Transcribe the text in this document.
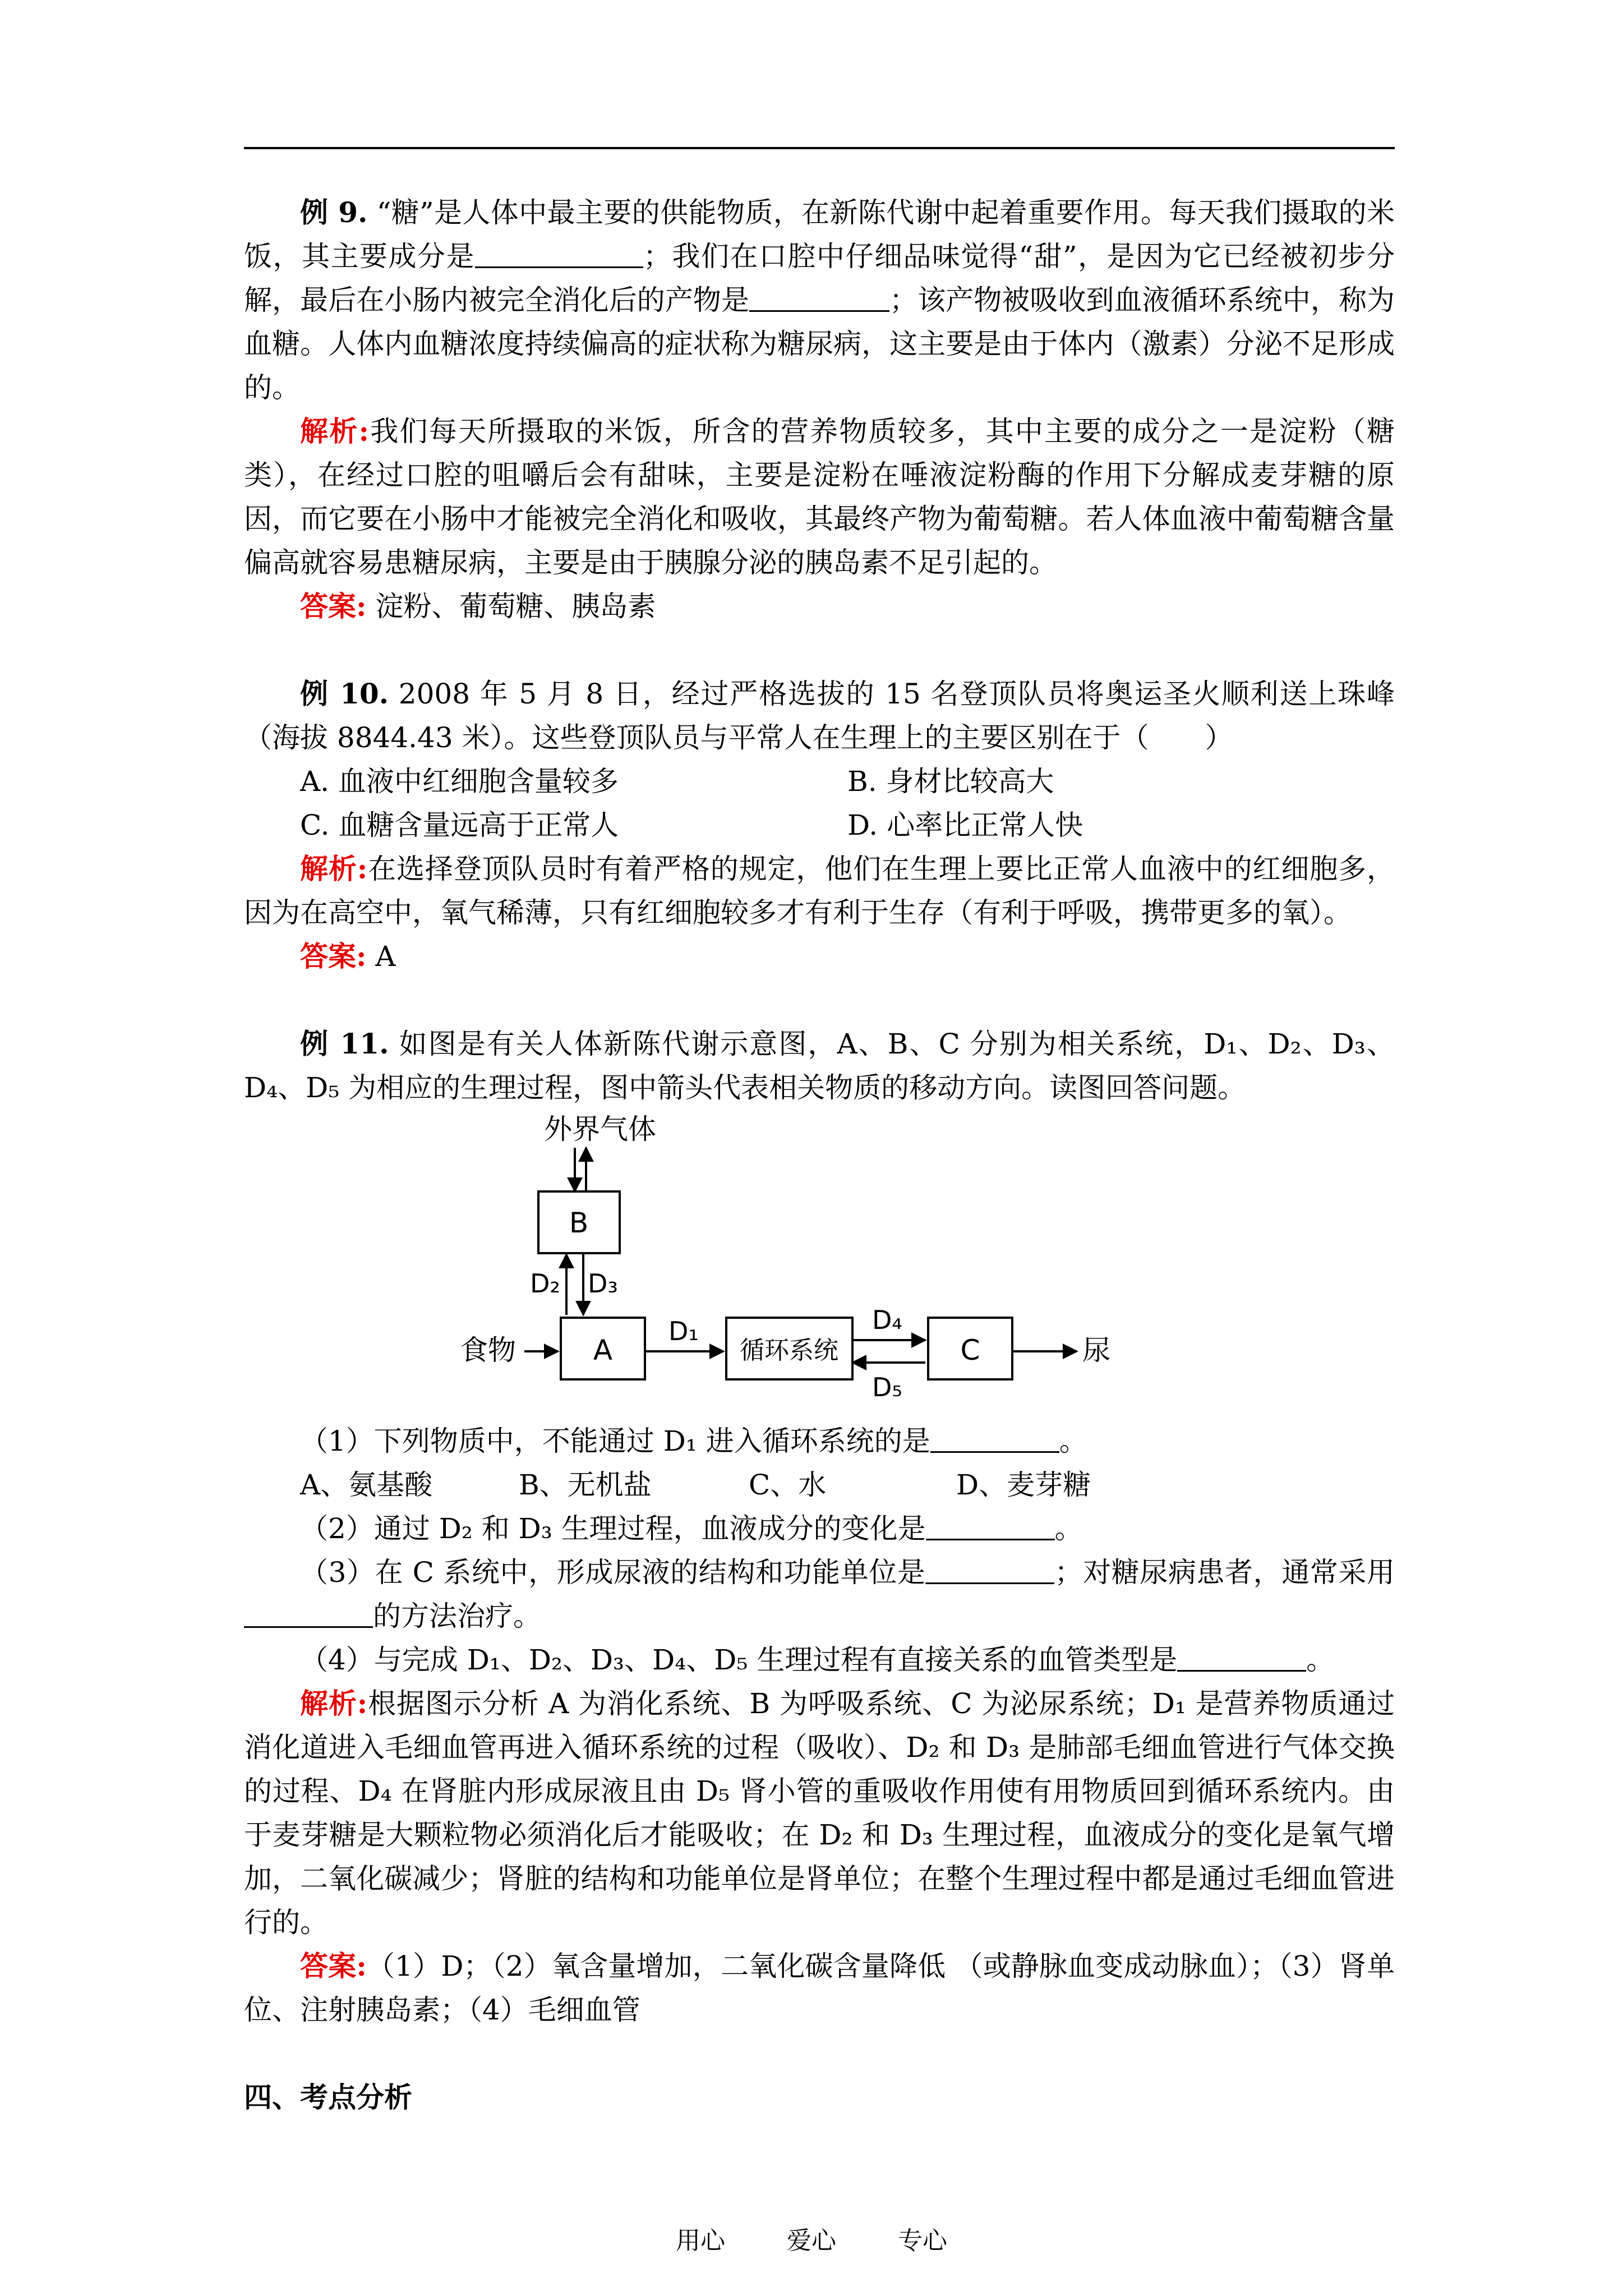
例 9. “糖”是人体中最主要的供能物质，在新陈代谢中起着重要作用。每天我们摄取的米饭，其主要成分是	；我们在口腔中仔细品味觉得“甜”，是因为它已经被初步分解，最后在小肠内被完全消化后的产物是	；该产物被吸收到血液循环系统中，称为血糖。人体内血糖浓度持续偏高的症状称为糖尿病，这主要是由于体内（激素）分泌不足形成的。

解析:我们每天所摄取的米饭，所含的营养物质较多，其中主要的成分之一是淀粉（糖类），在经过口腔的咀嚼后会有甜味，主要是淀粉在唾液淀粉酶的作用下分解成麦芽糖的原因，而它要在小肠中才能被完全消化和吸收，其最终产物为葡萄糖。若人体血液中葡萄糖含量偏高就容易患糖尿病，主要是由于胰腺分泌的胰岛素不足引起的。

答案: 淀粉、葡萄糖、胰岛素

例 10. 2008 年 5 月 8 日，经过严格选拔的 15 名登顶队员将奥运圣火顺利送上珠峰（海拔 8844.43 米）。这些登顶队员与平常人在生理上的主要区别在于（　　）

A. 血液中红细胞含量较多	B. 身材比较高大
C. 血糖含量远高于正常人	D. 心率比正常人快

解析:在选择登顶队员时有着严格的规定，他们在生理上要比正常人血液中的红细胞多，因为在高空中，氧气稀薄，只有红细胞较多才有利于生存（有利于呼吸，携带更多的氧）。

答案: A

例 11. 如图是有关人体新陈代谢示意图，A、B、C 分别为相关系统，D₁、D₂、D₃、D₄、D₅ 为相应的生理过程，图中箭头代表相关物质的移动方向。读图回答问题。

外界气体
B
D₂ D₃
食物	A
D₁
循环系统
D₄
D₅
C	尿

（1）下列物质中，不能通过 D₁ 进入循环系统的是	。

A、氨基酸	B、无机盐	C、水	D、麦芽糖

（2）通过 D₂ 和 D₃ 生理过程，血液成分的变化是	。

（3）在 C 系统中，形成尿液的结构和功能单位是	；对糖尿病患者，通常采用的方法治疗。

（4）与完成 D₁、D₂、D₃、D₄、D₅ 生理过程有直接关系的血管类型是	。

解析:根据图示分析 A 为消化系统、B 为呼吸系统、C 为泌尿系统；D₁ 是营养物质通过消化道进入毛细血管再进入循环系统的过程（吸收）、D₂ 和 D₃ 是肺部毛细血管进行气体交换的过程、D₄ 在肾脏内形成尿液且由 D₅ 肾小管的重吸收作用使有用物质回到循环系统内。由于麦芽糖是大颗粒物必须消化后才能吸收；在 D₂ 和 D₃ 生理过程，血液成分的变化是氧气增加，二氧化碳减少；肾脏的结构和功能单位是肾单位；在整个生理过程中都是通过毛细血管进行的。

答案:（1）D；（2）氧含量增加，二氧化碳含量降低 （或静脉血变成动脉血）；（3）肾单位、注射胰岛素；（4）毛细血管

四、考点分析

用心	爱心	专心
